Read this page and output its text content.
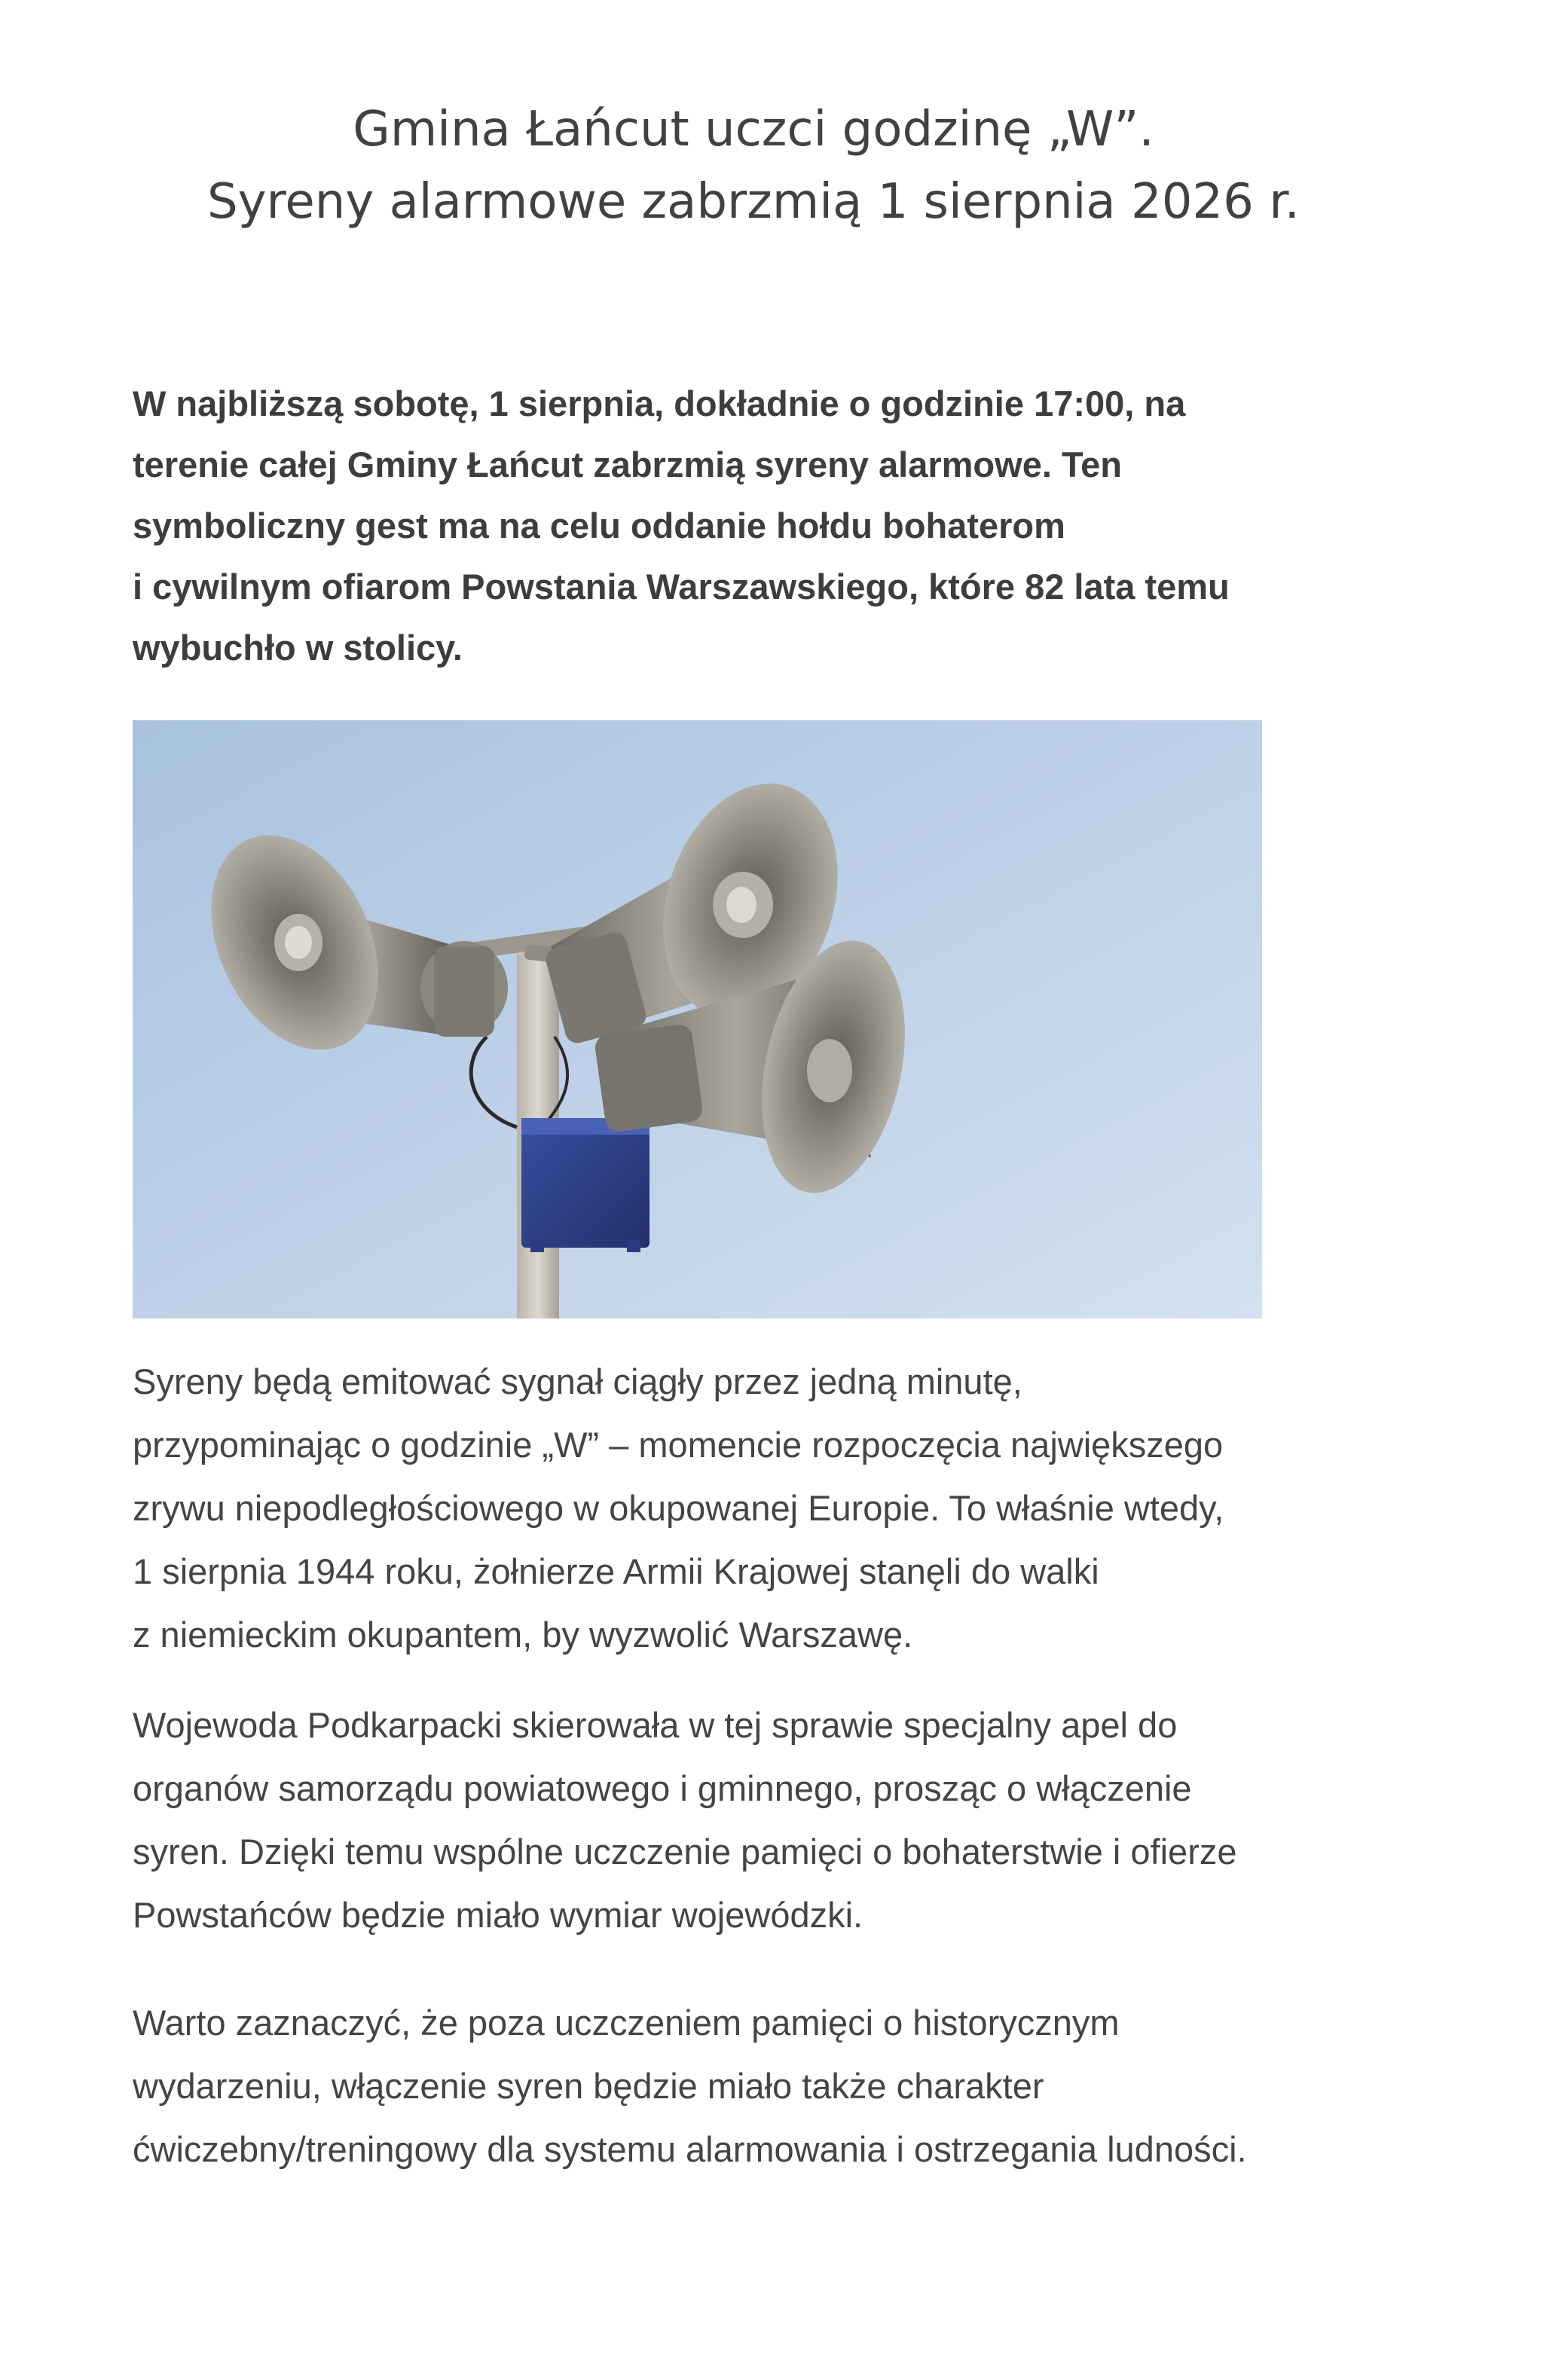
Gmina Łańcut uczci godzinę „W”.
Syreny alarmowe zabrzmią 1 sierpnia 2026 r.

W najbliższą sobotę, 1 sierpnia, dokładnie o godzinie 17:00, na
terenie całej Gminy Łańcut zabrzmią syreny alarmowe. Ten
symboliczny gest ma na celu oddanie hołdu bohaterom
i cywilnym ofiarom Powstania Warszawskiego, które 82 lata temu
wybuchło w stolicy.

Syreny będą emitować sygnał ciągły przez jedną minutę,
przypominając o godzinie „W” – momencie rozpoczęcia największego
zrywu niepodległościowego w okupowanej Europie. To właśnie wtedy,
1 sierpnia 1944 roku, żołnierze Armii Krajowej stanęli do walki
z niemieckim okupantem, by wyzwolić Warszawę.

Wojewoda Podkarpacki skierowała w tej sprawie specjalny apel do
organów samorządu powiatowego i gminnego, prosząc o włączenie
syren. Dzięki temu wspólne uczczenie pamięci o bohaterstwie i ofierze
Powstańców będzie miało wymiar wojewódzki.

Warto zaznaczyć, że poza uczczeniem pamięci o historycznym
wydarzeniu, włączenie syren będzie miało także charakter
ćwiczebny/treningowy dla systemu alarmowania i ostrzegania ludności.
